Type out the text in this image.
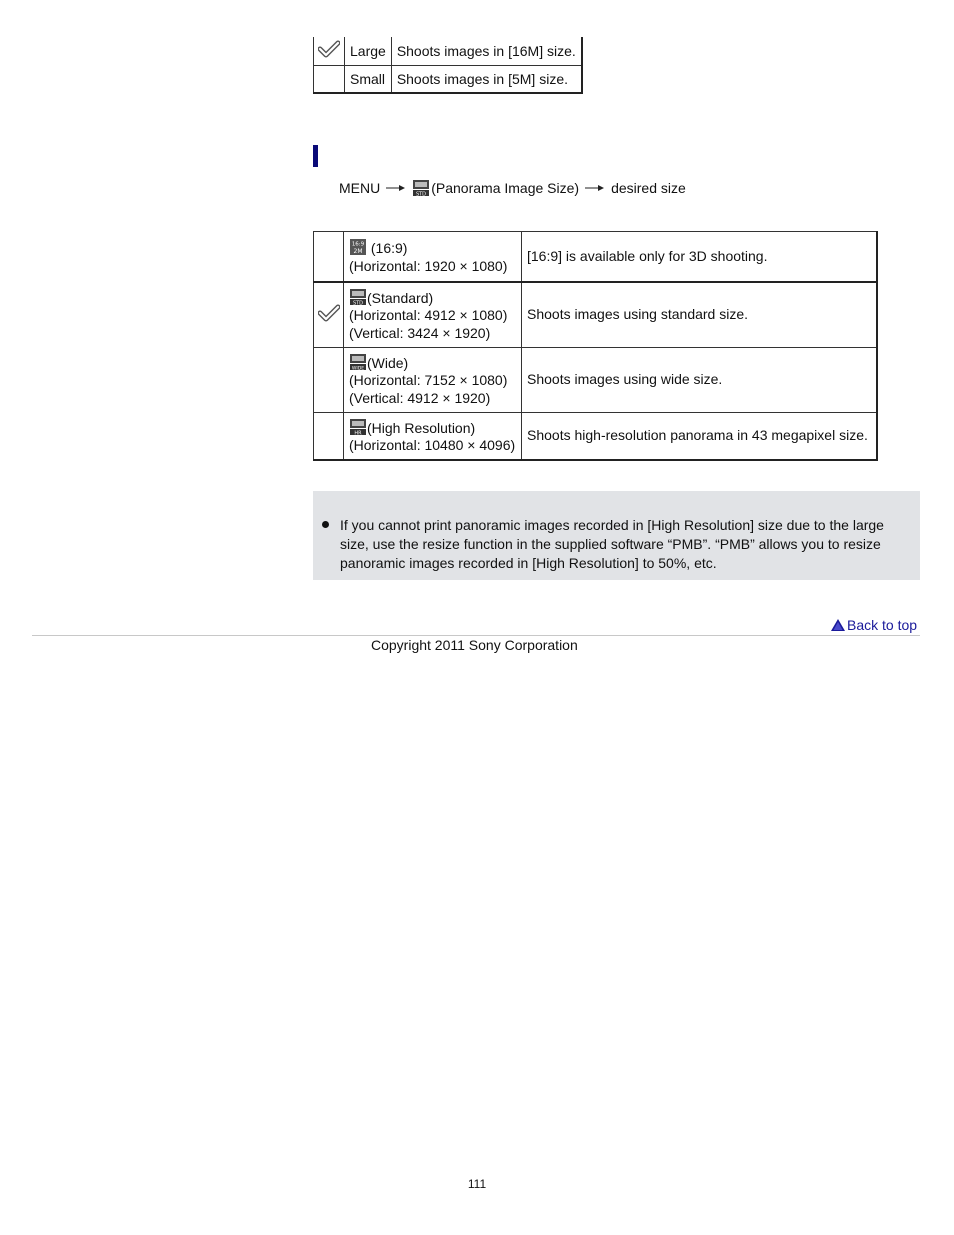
	Large	Shoots images in [16M] size.
	Small	Shoots images in [5M] size.
MENU	STD (Panorama Image Size) desired size

16:9
2M (16:9)
(Horizontal: 1920 × 1080)	[16:9] is available only for 3D shooting.

STD (Standard)
(Horizontal: 4912 × 1080)
(Vertical: 3424 × 1920)	Shoots images using standard size.

WIDE (Wide)
(Horizontal: 7152 × 1080)
(Vertical: 4912 × 1920)	Shoots images using wide size.

HR (High Resolution)
(Horizontal: 10480 × 4096)	Shoots high-resolution panorama in 43 megapixel size.
If you cannot print panoramic images recorded in [High Resolution] size due to the large size, use the resize function in the supplied software “PMB”. “PMB” allows you to resize panoramic images recorded in [High Resolution] to 50%, etc.
Back to top
Copyright 2011 Sony Corporation
111
